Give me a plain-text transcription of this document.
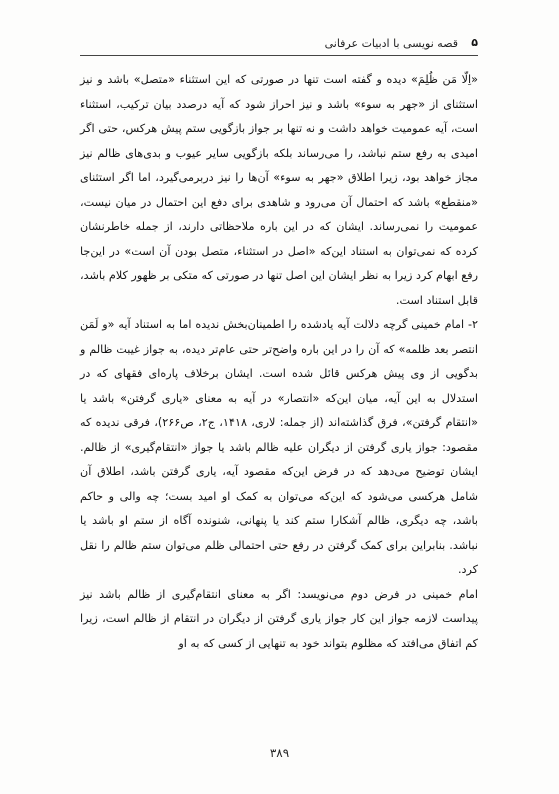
۵
قصه نویسی با ادبیات عرفانی

«اِلّا مَن ظُلِمَ» دیده و گفته است تنها در صورتی که این استثناء «متصل» باشد و نیز استثنای از «جهر به سوء» باشد و نیز احراز شود که آیه درصدد بیان ترکیب، استثناء است، آیه عمومیت خواهد داشت و نه تنها بر جواز بازگویی ستم پیش هرکس، حتی اگر امیدی به رفع ستم نباشد، را می‌رساند بلکه بازگویی سایر عیوب و بدی‌های ظالم نیز مجاز خواهد بود، زیرا اطلاق «جهر به سوء» آن‌ها را نیز دربرمی‌گیرد، اما اگر استثنای «منقطع» باشد که احتمال آن می‌رود و شاهدی برای دفع این احتمال در میان نیست، عمومیت را نمی‌رساند. ایشان که در این باره ملاحظاتی دارند، از جمله خاطرنشان کرده که نمی‌توان به استناد این‌که «اصل در استثناء، متصل بودن آن است» در این‌جا رفع ابهام کرد زیرا به نظر ایشان این اصل تنها در صورتی که متکی بر ظهور کلام باشد، قابل استناد است.

۲- امام خمینی گرچه دلالت آیه یادشده را اطمینان‌بخش ندیده اما به استناد آیه «و لَمَن انتصر بعد ظلمه» که آن را در این باره واضح‌تر حتی عام‌تر دیده، به جواز غیبت ظالم و بدگویی از وی پیش هرکس قائل شده است. ایشان برخلاف پاره‌ای فقهای که در استدلال به این آیه، میان این‌که «انتصار» در آیه به معنای «یاری گرفتن» باشد یا «انتقام گرفتن»، فرق گذاشته‌اند (از جمله: لاری، ۱۴۱۸، ج۲، ص۲۶۶)، فرقی ندیده که مقصود: جواز یاری گرفتن از دیگران علیه ظالم باشد یا جواز «انتقام‌گیری» از ظالم. ایشان توضیح می‌دهد که در فرض این‌که مقصود آیه، یاری گرفتن باشد، اطلاق آن شامل هرکسی می‌شود که این‌که می‌توان به کمک او امید بست؛ چه والی و حاکم باشد، چه دیگری، ظالم آشکارا ستم کند یا پنهانی، شنونده آگاه از ستم او باشد یا نباشد. بنابراین برای کمک گرفتن در رفع حتی احتمالی ظلم می‌توان ستم ظالم را نقل کرد.

امام خمینی در فرض دوم می‌نویسد: اگر به معنای انتقام‌گیری از ظالم باشد نیز پیداست لازمه جواز این کار جواز یاری گرفتن از دیگران در انتقام از ظالم است، زیرا کم اتفاق می‌افتد که مظلوم بتواند خود به تنهایی از کسی که به او

۳۸۹
